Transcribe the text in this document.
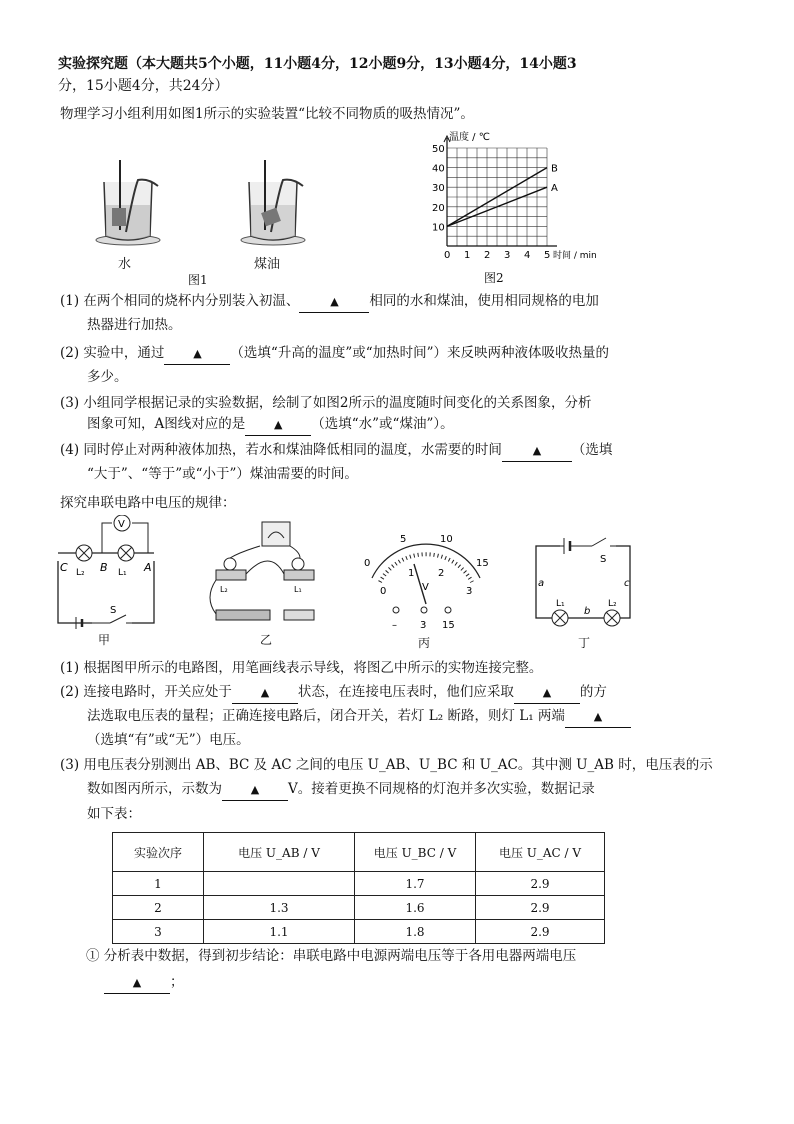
实验探究题（本大题共5个小题，11小题4分，12小题9分，13小题4分，14小题3
分，15小题4分，共24分）
物理学习小组利用如图1所示的实验装置“比较不同物质的吸热情况”。
水	煤油
图1
0 1 2 3 4 5
10
20
30
40
50
温度 / ℃
时间 / min
B
A
图2
(1) 在两个相同的烧杯内分别装入初温、	▲ 相同的水和煤油，使用相同规格的电加
热器进行加热。
(2) 实验中，通过	▲ （选填“升高的温度”或“加热时间”）来反映两种液体吸收热量的
多少。
(3) 小组同学根据记录的实验数据，绘制了如图2所示的温度随时间变化的关系图象，分析
图象可知，A图线对应的是	▲ （选填“水”或“煤油”）。
(4) 同时停止对两种液体加热，若水和煤油降低相同的温度，水需要的时间	▲ （选填
“大于”、“等于”或“小于”）煤油需要的时间。
探究串联电路中电压的规律：
V
C	B	A
L₂	L₁
S
甲
L₂	L₁
乙
0
5	10
15
0
1 2
3
V
– 3 15
丙
S
a	c
b
L₁	L₂
丁
(1) 根据图甲所示的电路图，用笔画线表示导线，将图乙中所示的实物连接完整。
(2) 连接电路时，开关应处于	▲ 状态，在连接电压表时，他们应采取	▲ 的方
法选取电压表的量程；正确连接电路后，闭合开关，若灯 L₂ 断路，则灯 L₁ 两端	▲
（选填“有”或“无”）电压。
(3) 用电压表分别测出 AB、BC 及 AC 之间的电压 U_AB、U_BC 和 U_AC。其中测 U_AB 时，电压表的示
数如图丙所示，示数为	▲ V。接着更换不同规格的灯泡并多次实验，数据记录
如下表：
实验次序	电压 U_AB / V	电压 U_BC / V	电压 U_AC / V
1		1.7	2.9
2	1.3	1.6	2.9
3	1.1	1.8	2.9
① 分析表中数据，得到初步结论：串联电路中电源两端电压等于各用电器两端电压
▲ ；
